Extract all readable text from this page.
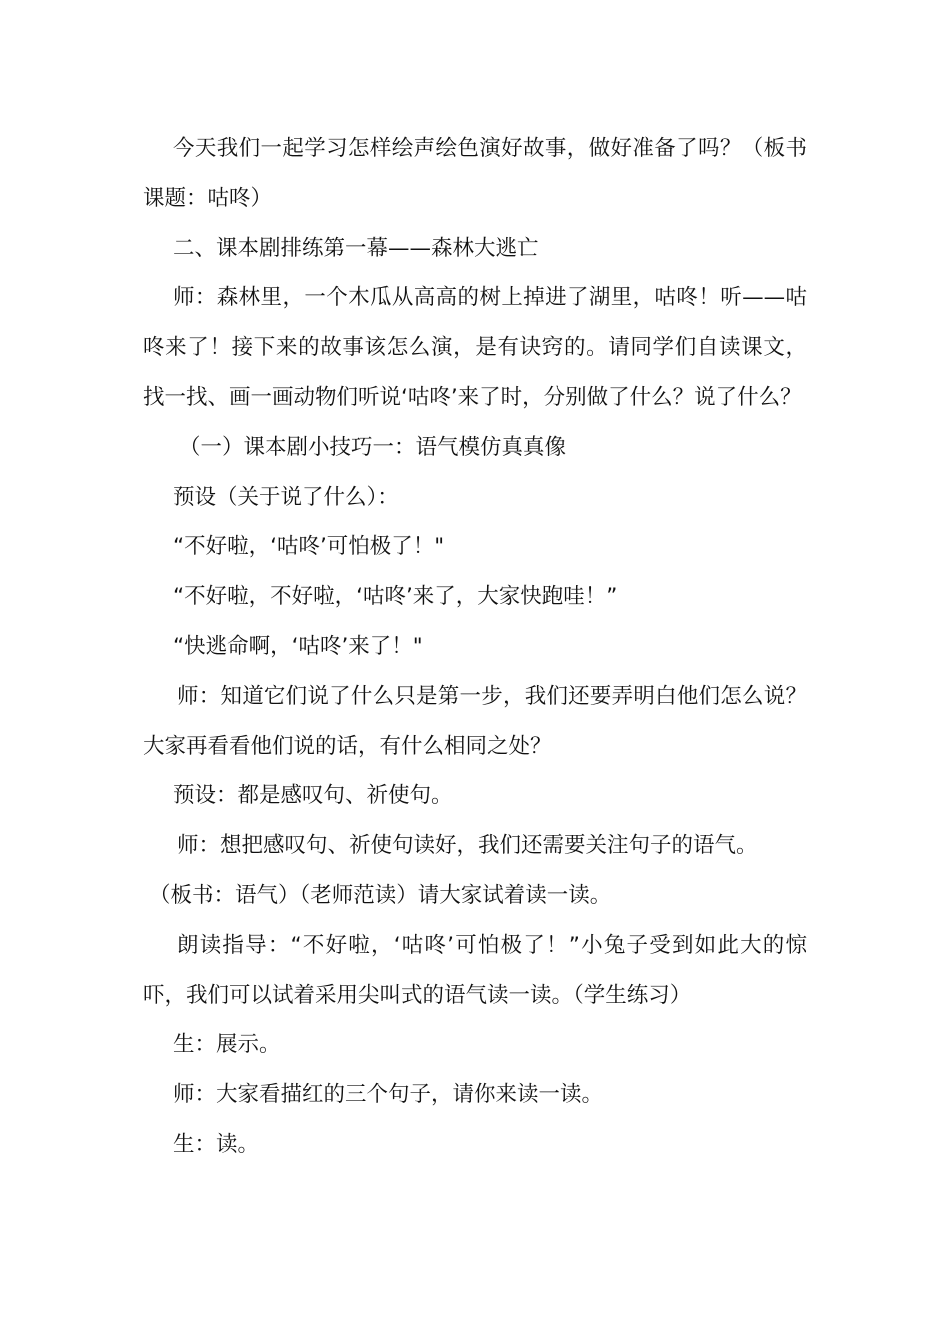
今天我们一起学习怎样绘声绘色演好故事，做好准备了吗？（板书课题：咕咚）

二、课本剧排练第一幕——森林大逃亡

师：森林里，一个木瓜从高高的树上掉进了湖里，咕咚！听——咕咚来了！接下来的故事该怎么演，是有诀窍的。请同学们自读课文，找一找、画一画动物们听说‘咕咚’来了时，分别做了什么？说了什么？

（一）课本剧小技巧一：语气模仿真真像

预设（关于说了什么）：

“不好啦，‘咕咚’可怕极了！"

“不好啦，不好啦，‘咕咚’来了，大家快跑哇！”

“快逃命啊，‘咕咚’来了！"

师：知道它们说了什么只是第一步，我们还要弄明白他们怎么说？大家再看看他们说的话，有什么相同之处？

预设：都是感叹句、祈使句。

师：想把感叹句、祈使句读好，我们还需要关注句子的语气。

（板书：语气）（老师范读）请大家试着读一读。

朗读指导：“不好啦，‘咕咚’可怕极了！”小兔子受到如此大的惊吓，我们可以试着采用尖叫式的语气读一读。（学生练习）

生：展示。

师：大家看描红的三个句子，请你来读一读。

生：读。
